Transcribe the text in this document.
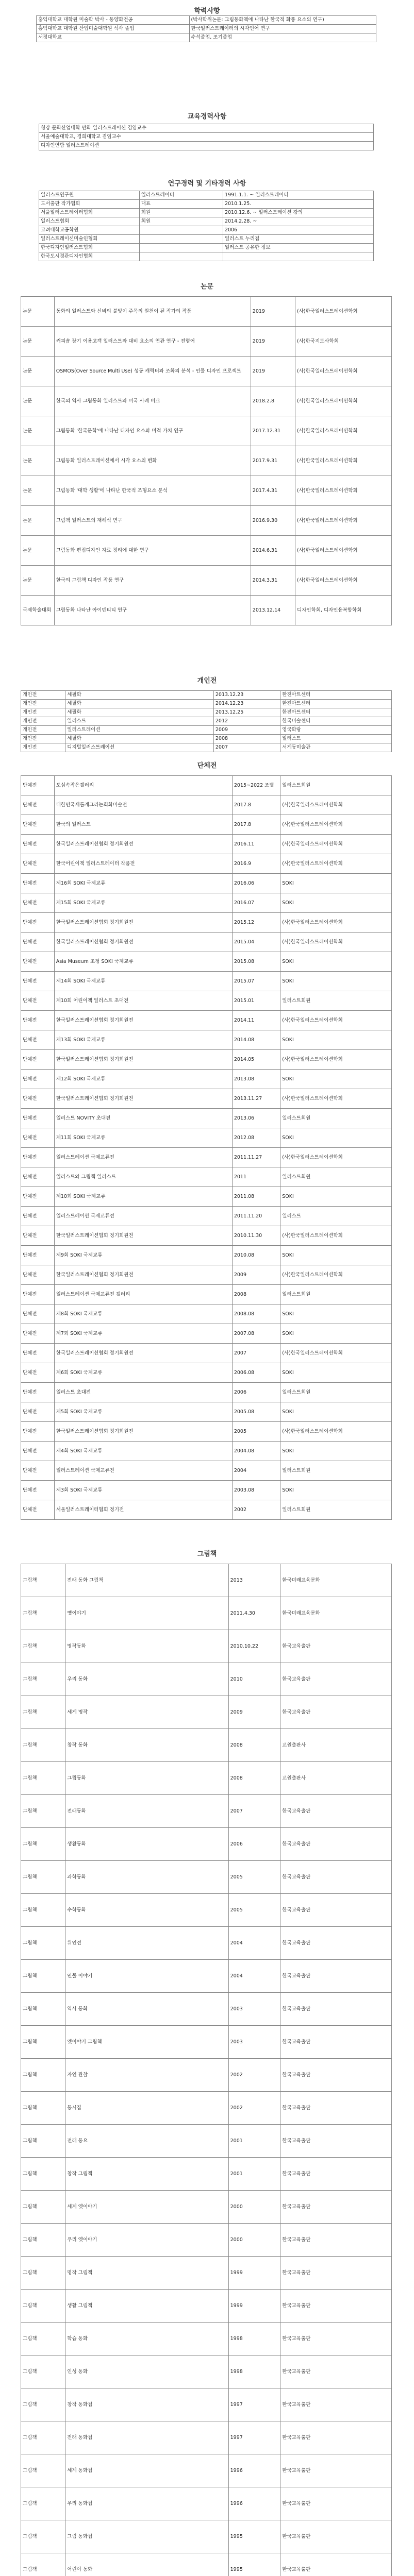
학력사항
홍익대학교 대학원 미술학 박사 - 동양화전공	(박사학위논문: 그림동화책에 나타난 한국적 화풍 요소의 연구)
홍익대학교 대학원 산업미술대학원 석사 졸업	한국일러스트레이터의 시각언어 연구
서정대학교	수석졸업, 조기졸업
교육경력사항
청강 문화산업대학 만화 일러스트레이션 겸임교수
서울예술대학교, 경희대학교 겸임교수
디자인연합 일러스트레이션
연구경력 및 기타경력 사항
일러스트연구원	일러스트레이터	1991.1.1. ~ 일러스트레이터
도서출판 작가협회	대표	2010.1.25.
서울일러스트레이터협회	회원	2010.12.6. ~ 일러스트레이션 강의
일러스트협회	회원	2014.2.28. ~
고려대학교공학원		2006
일러스트레이션미술인협회		일러스트 누리집
한국디자인일러스트협회		일러스트 공유한 정보
한국도시경관디자인협회		
논문
논문	동화의 일러스트와 신비의 불빛이 주목의 원천이 된 작가의 작품	2019	(사)한국일러스트레이션학회
논문	커피숍 장기 이용고객 일러스트와 대비 요소의 연관 연구 - 전형어	2019	(사)한국지도사학회
논문	OSMOS(Over Source Multi Use) 성공 캐릭터와 조화의 분석 - 인물 디자인 프로젝트	2019	(사)한국일러스트레이션학회
논문	한국의 역사 그림동화 일러스트와 미국 사례 비교	2018.2.8	(사)한국일러스트레이션학회
논문	그림동화 '한국문학'에 나타난 디자인 요소와 미적 가치 연구	2017.12.31	(사)한국일러스트레이션학회
논문	그림동화 일러스트레이션에서 시각 요소의 변화	2017.9.31	(사)한국일러스트레이션학회
논문	그림동화 '대학 생활'에 나타난 한국적 조형요소 분석	2017.4.31	(사)한국일러스트레이션학회
논문	그림책 일러스트의 재해석 연구	2016.9.30	(사)한국일러스트레이션학회
논문	그림동화 편집디자인 자료 정리에 대한 연구	2014.6.31	(사)한국일러스트레이션학회
논문	한국의 그림책 디자인 작품 연구	2014.3.31	(사)한국일러스트레이션학회
국제학술대회	그림동화 나타난 아이덴티티 연구	2013.12.14	디자인학회, 디자인융복합학회
개인전
개인전	세필화	2013.12.23	한전아트센터
개인전	세필화	2014.12.23	한전아트센터
개인전	세필화	2013.12.25	한전아트센터
개인전	일러스트	2012	한국미술센터
개인전	일러스트레이션	2009	영국화랑
개인전	세필화	2008	일러스트
개인전	디지털일러스트레이션	2007	서계동미술관
단체전
단체전	도심속작은갤러리	2015~2022 조별	일러스트회원
단체전	대한민국새롭게그리는회화미술전	2017.8	(사)한국일러스트레이션학회
단체전	한국의 일러스트	2017.8	(사)한국일러스트레이션학회
단체전	한국일러스트레이션협회 정기회원전	2016.11	(사)한국일러스트레이션학회
단체전	한국어린이책 일러스트레이터 작품전	2016.9	(사)한국일러스트레이션학회
단체전	제16회 SOKI 국제교류	2016.06	SOKI
단체전	제15회 SOKI 국제교류	2016.07	SOKI
단체전	한국일러스트레이션협회 정기회원전	2015.12	(사)한국일러스트레이션학회
단체전	한국일러스트레이션협회 정기회원전	2015.04	(사)한국일러스트레이션학회
단체전	Asia Museum 초청 SOKI 국제교류	2015.08	SOKI
단체전	제14회 SOKI 국제교류	2015.07	SOKI
단체전	제10회 어린이책 일러스트 초대전	2015.01	일러스트회원
단체전	한국일러스트레이션협회 정기회원전	2014.11	(사)한국일러스트레이션학회
단체전	제13회 SOKI 국제교류	2014.08	SOKI
단체전	한국일러스트레이션협회 정기회원전	2014.05	(사)한국일러스트레이션학회
단체전	제12회 SOKI 국제교류	2013.08	SOKI
단체전	한국일러스트레이션협회 정기회원전	2013.11.27	(사)한국일러스트레이션학회
단체전	일러스트 NOVITY 초대전	2013.06	일러스트회원
단체전	제11회 SOKI 국제교류	2012.08	SOKI
단체전	일러스트레이션 국제교류전	2011.11.27	(사)한국일러스트레이션학회
단체전	일러스트와 그림책 일러스트	2011	일러스트회원
단체전	제10회 SOKI 국제교류	2011.08	SOKI
단체전	일러스트레이션 국제교류전	2011.11.20	일러스트
단체전	한국일러스트레이션협회 정기회원전	2010.11.30	(사)한국일러스트레이션학회
단체전	제9회 SOKI 국제교류	2010.08	SOKI
단체전	한국일러스트레이션협회 정기회원전	2009	(사)한국일러스트레이션학회
단체전	일러스트레이션 국제교류전 갤러리	2008	일러스트회원
단체전	제8회 SOKI 국제교류	2008.08	SOKI
단체전	제7회 SOKI 국제교류	2007.08	SOKI
단체전	한국일러스트레이션협회 정기회원전	2007	(사)한국일러스트레이션학회
단체전	제6회 SOKI 국제교류	2006.08	SOKI
단체전	일러스트 초대전	2006	일러스트회원
단체전	제5회 SOKI 국제교류	2005.08	SOKI
단체전	한국일러스트레이션협회 정기회원전	2005	(사)한국일러스트레이션학회
단체전	제4회 SOKI 국제교류	2004.08	SOKI
단체전	일러스트레이션 국제교류전	2004	일러스트회원
단체전	제3회 SOKI 국제교류	2003.08	SOKI
단체전	서울일러스트레이터협회 정기전	2002	일러스트회원
그림책
그림책	전래 동화 그림책	2013	한국미래교육문화
그림책	옛이야기	2011.4.30	한국미래교육문화
그림책	명작동화	2010.10.22	한국교육출판
그림책	우리 동화	2010	한국교육출판
그림책	세계 명작	2009	한국교육출판
그림책	창작 동화	2008	교원출판사
그림책	그림동화	2008	교원출판사
그림책	전래동화	2007	한국교육출판
그림책	생활동화	2006	한국교육출판
그림책	과학동화	2005	한국교육출판
그림책	수학동화	2005	한국교육출판
그림책	위인전	2004	한국교육출판
그림책	인물 이야기	2004	한국교육출판
그림책	역사 동화	2003	한국교육출판
그림책	옛이야기 그림책	2003	한국교육출판
그림책	자연 관찰	2002	한국교육출판
그림책	동시집	2002	한국교육출판
그림책	전래 동요	2001	한국교육출판
그림책	창작 그림책	2001	한국교육출판
그림책	세계 옛이야기	2000	한국교육출판
그림책	우리 옛이야기	2000	한국교육출판
그림책	명작 그림책	1999	한국교육출판
그림책	생활 그림책	1999	한국교육출판
그림책	학습 동화	1998	한국교육출판
그림책	인성 동화	1998	한국교육출판
그림책	창작 동화집	1997	한국교육출판
그림책	전래 동화집	1997	한국교육출판
그림책	세계 동화집	1996	한국교육출판
그림책	우리 동화집	1996	한국교육출판
그림책	그림 동화집	1995	한국교육출판
그림책	어린이 동화	1995	한국교육출판
